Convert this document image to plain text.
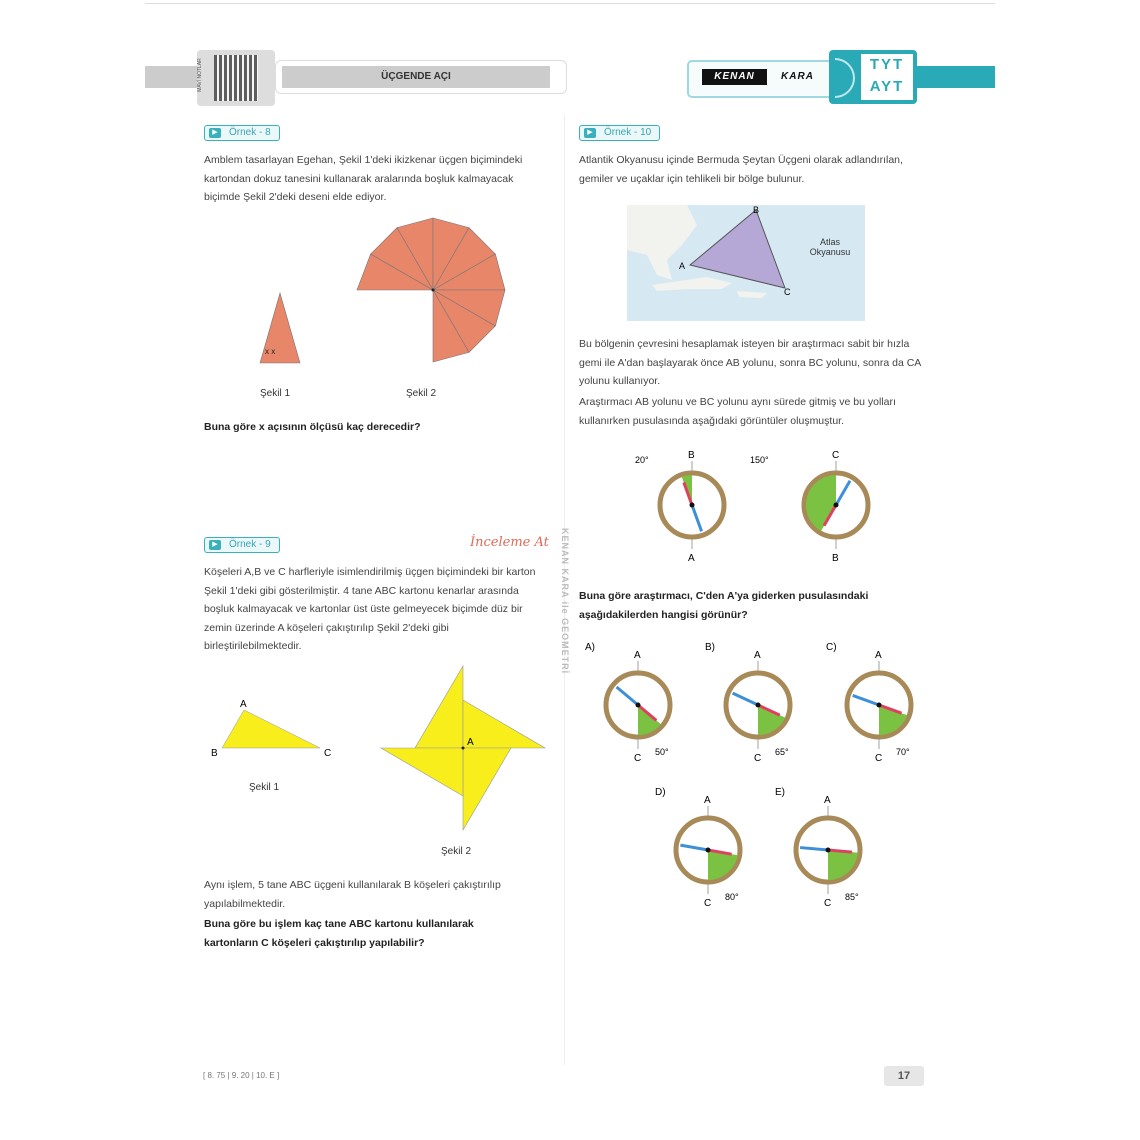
MAVİ NOTLAR	ÜÇGENDE AÇI	KENAN	KARA
TYT
AYT
KENAN KARA ile GEOMETRİ
▶	Örnek - 8
Amblem tasarlayan Egehan, Şekil 1'deki ikizkenar üçgen biçimindeki kartondan dokuz tanesini kullanarak aralarında boşluk kalmayacak biçimde Şekil 2'deki deseni elde ediyor.
Şekil 1	Şekil 2
x x
Buna göre x açısının ölçüsü kaç derecedir?
▶	Örnek - 9	İnceleme At
Köşeleri A,B ve C harfleriyle isimlendirilmiş üçgen biçimindeki bir karton Şekil 1'deki gibi gösterilmiştir. 4 tane ABC kartonu kenarlar arasında boşluk kalmayacak ve kartonlar üst üste gelmeyecek biçimde düz bir zemin üzerinde A köşeleri çakıştırılıp Şekil 2'deki gibi birleştirilebilmektedir.
A
B	C
A
Şekil 1
Şekil 2
Aynı işlem, 5 tane ABC üçgeni kullanılarak B köşeleri çakıştırılıp yapılabilmektedir.
Buna göre bu işlem kaç tane ABC kartonu kullanılarak kartonların C köşeleri çakıştırılıp yapılabilir?
▶	Örnek - 10
Atlantik Okyanusu içinde Bermuda Şeytan Üçgeni olarak adlandırılan, gemiler ve uçaklar için tehlikeli bir bölge bulunur.
A
B
C
Atlas Okyanusu
Bu bölgenin çevresini hesaplamak isteyen bir araştırmacı sabit bir hızla gemi ile A'dan başlayarak önce AB yolunu, sonra BC yolunu, sonra da CA yolunu kullanıyor.
Araştırmacı AB yolunu ve BC yolunu aynı sürede gitmiş ve bu yolları kullanırken pusulasında aşağıdaki görüntüler oluşmuştur.
B
A
20°	C
B
150°
A)
A
C
50°
B)
A
C
65°
C)
A
C
70°
D)
A
C
80°
E)
A
C
85°
Buna göre araştırmacı, C'den A'ya giderken pusulasındaki aşağıdakilerden hangisi görünür?
[ 8. 75 | 9. 20 | 10. E ]	17
